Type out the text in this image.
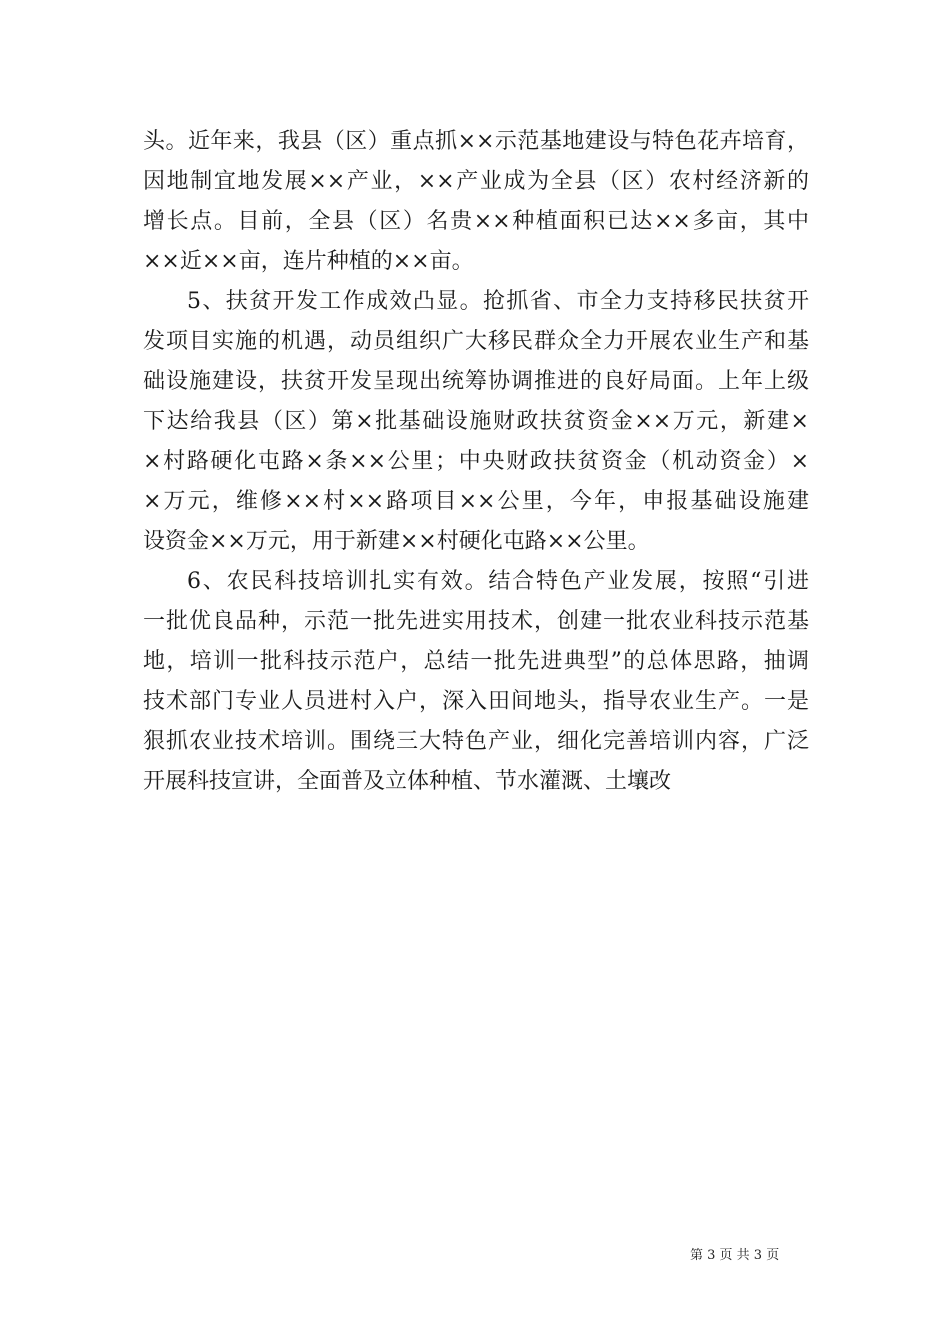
头。近年来，我县（区）重点抓××示范基地建设与特色花卉培育，
因地制宜地发展××产业，××产业成为全县（区）农村经济新的
增长点。目前，全县（区）名贵××种植面积已达××多亩，其中
××近××亩，连片种植的××亩。
5、扶贫开发工作成效凸显。抢抓省、市全力支持移民扶贫开
发项目实施的机遇，动员组织广大移民群众全力开展农业生产和基
础设施建设，扶贫开发呈现出统筹协调推进的良好局面。上年上级
下达给我县（区）第×批基础设施财政扶贫资金××万元，新建×
×村路硬化屯路×条××公里；中央财政扶贫资金（机动资金）×
×万元，维修××村××路项目××公里，今年，申报基础设施建
设资金××万元，用于新建××村硬化屯路××公里。
6、农民科技培训扎实有效。结合特色产业发展，按照“引进
一批优良品种，示范一批先进实用技术，创建一批农业科技示范基
地，培训一批科技示范户，总结一批先进典型”的总体思路，抽调
技术部门专业人员进村入户，深入田间地头，指导农业生产。一是
狠抓农业技术培训。围绕三大特色产业，细化完善培训内容，广泛
开展科技宣讲，全面普及立体种植、节水灌溉、土壤改
第 3 页 共 3 页
